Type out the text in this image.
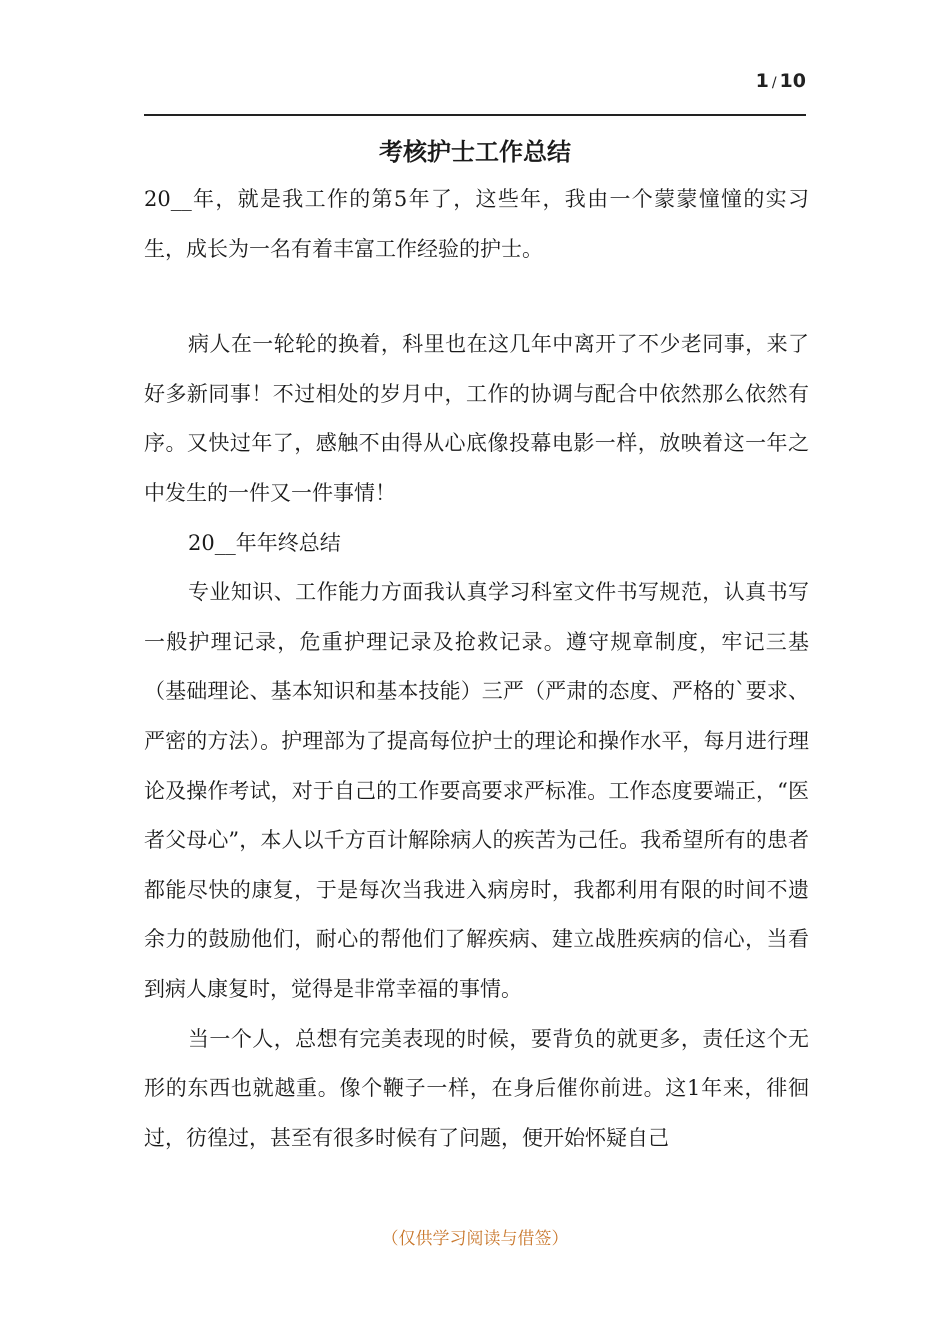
1 / 10
考核护士工作总结

20__年，就是我工作的第5年了，这些年，我由一个蒙蒙憧憧的实习生，成长为一名有着丰富工作经验的护士。

病人在一轮轮的换着，科里也在这几年中离开了不少老同事，来了好多新同事！不过相处的岁月中，工作的协调与配合中依然那么依然有序。又快过年了，感触不由得从心底像投幕电影一样，放映着这一年之中发生的一件又一件事情！

20__年年终总结

专业知识、工作能力方面我认真学习科室文件书写规范，认真书写一般护理记录，危重护理记录及抢救记录。遵守规章制度，牢记三基（基础理论、基本知识和基本技能）三严（严肃的态度、严格的`要求、严密的方法）。护理部为了提高每位护士的理论和操作水平，每月进行理论及操作考试，对于自己的工作要高要求严标准。工作态度要端正，“医者父母心”，本人以千方百计解除病人的疾苦为己任。我希望所有的患者都能尽快的康复，于是每次当我进入病房时，我都利用有限的时间不遗余力的鼓励他们，耐心的帮他们了解疾病、建立战胜疾病的信心，当看到病人康复时，觉得是非常幸福的事情。

当一个人，总想有完美表现的时候，要背负的就更多，责任这个无形的东西也就越重。像个鞭子一样，在身后催你前进。这1年来，徘徊过，彷徨过，甚至有很多时候有了问题，便开始怀疑自己

（仅供学习阅读与借签）
